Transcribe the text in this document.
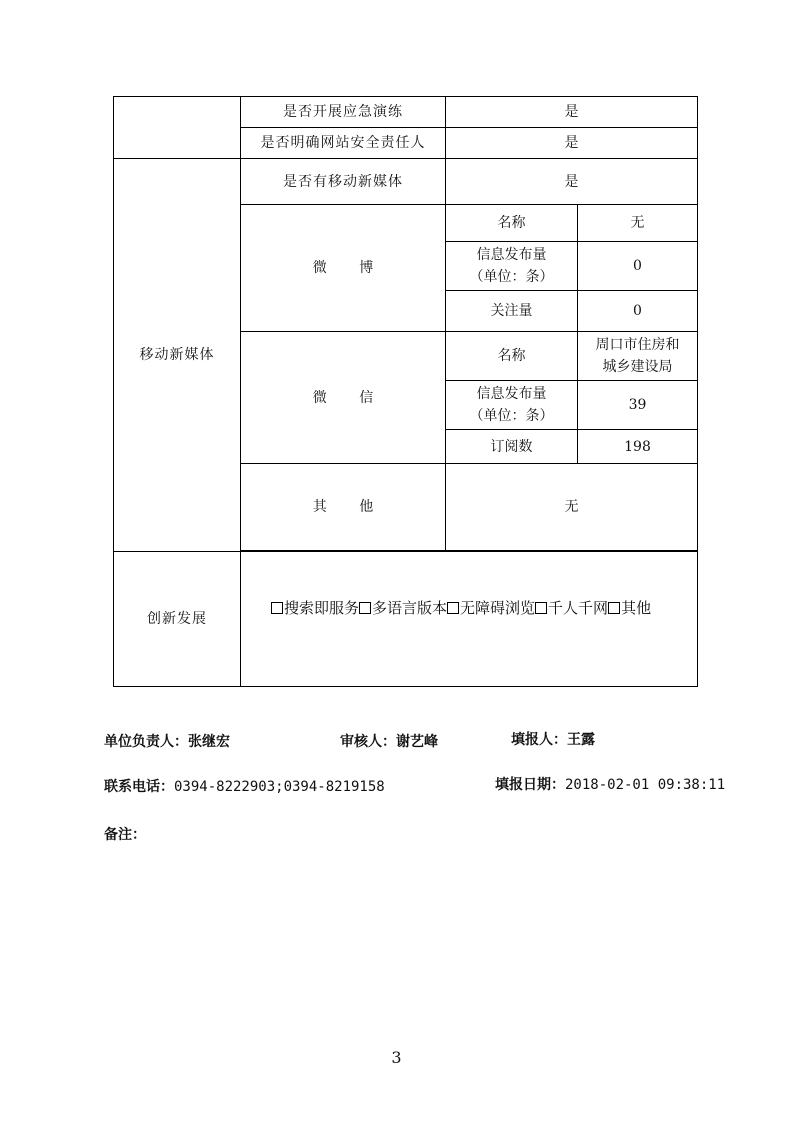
	是否开展应急演练	是	
	是否明确网站安全责任人	是	
移动新媒体	是否有移动新媒体	是	
	微 博	名称	无

		信息发布量
（单位：条）	0
		关注量	0
	微 信	名称	周口市住房和
城乡建设局

		信息发布量
（单位：条）	39
		订阅数	198
	其 他	无	

创新发展	搜索即服务 多语言版本 无障碍浏览 千人千网 其他		
单位负责人：张继宏	审核人：谢艺峰	填报人：王露
联系电话：0394-8222903;0394-8219158	填报日期：2018-02-01 09:38:11
备注：
3
